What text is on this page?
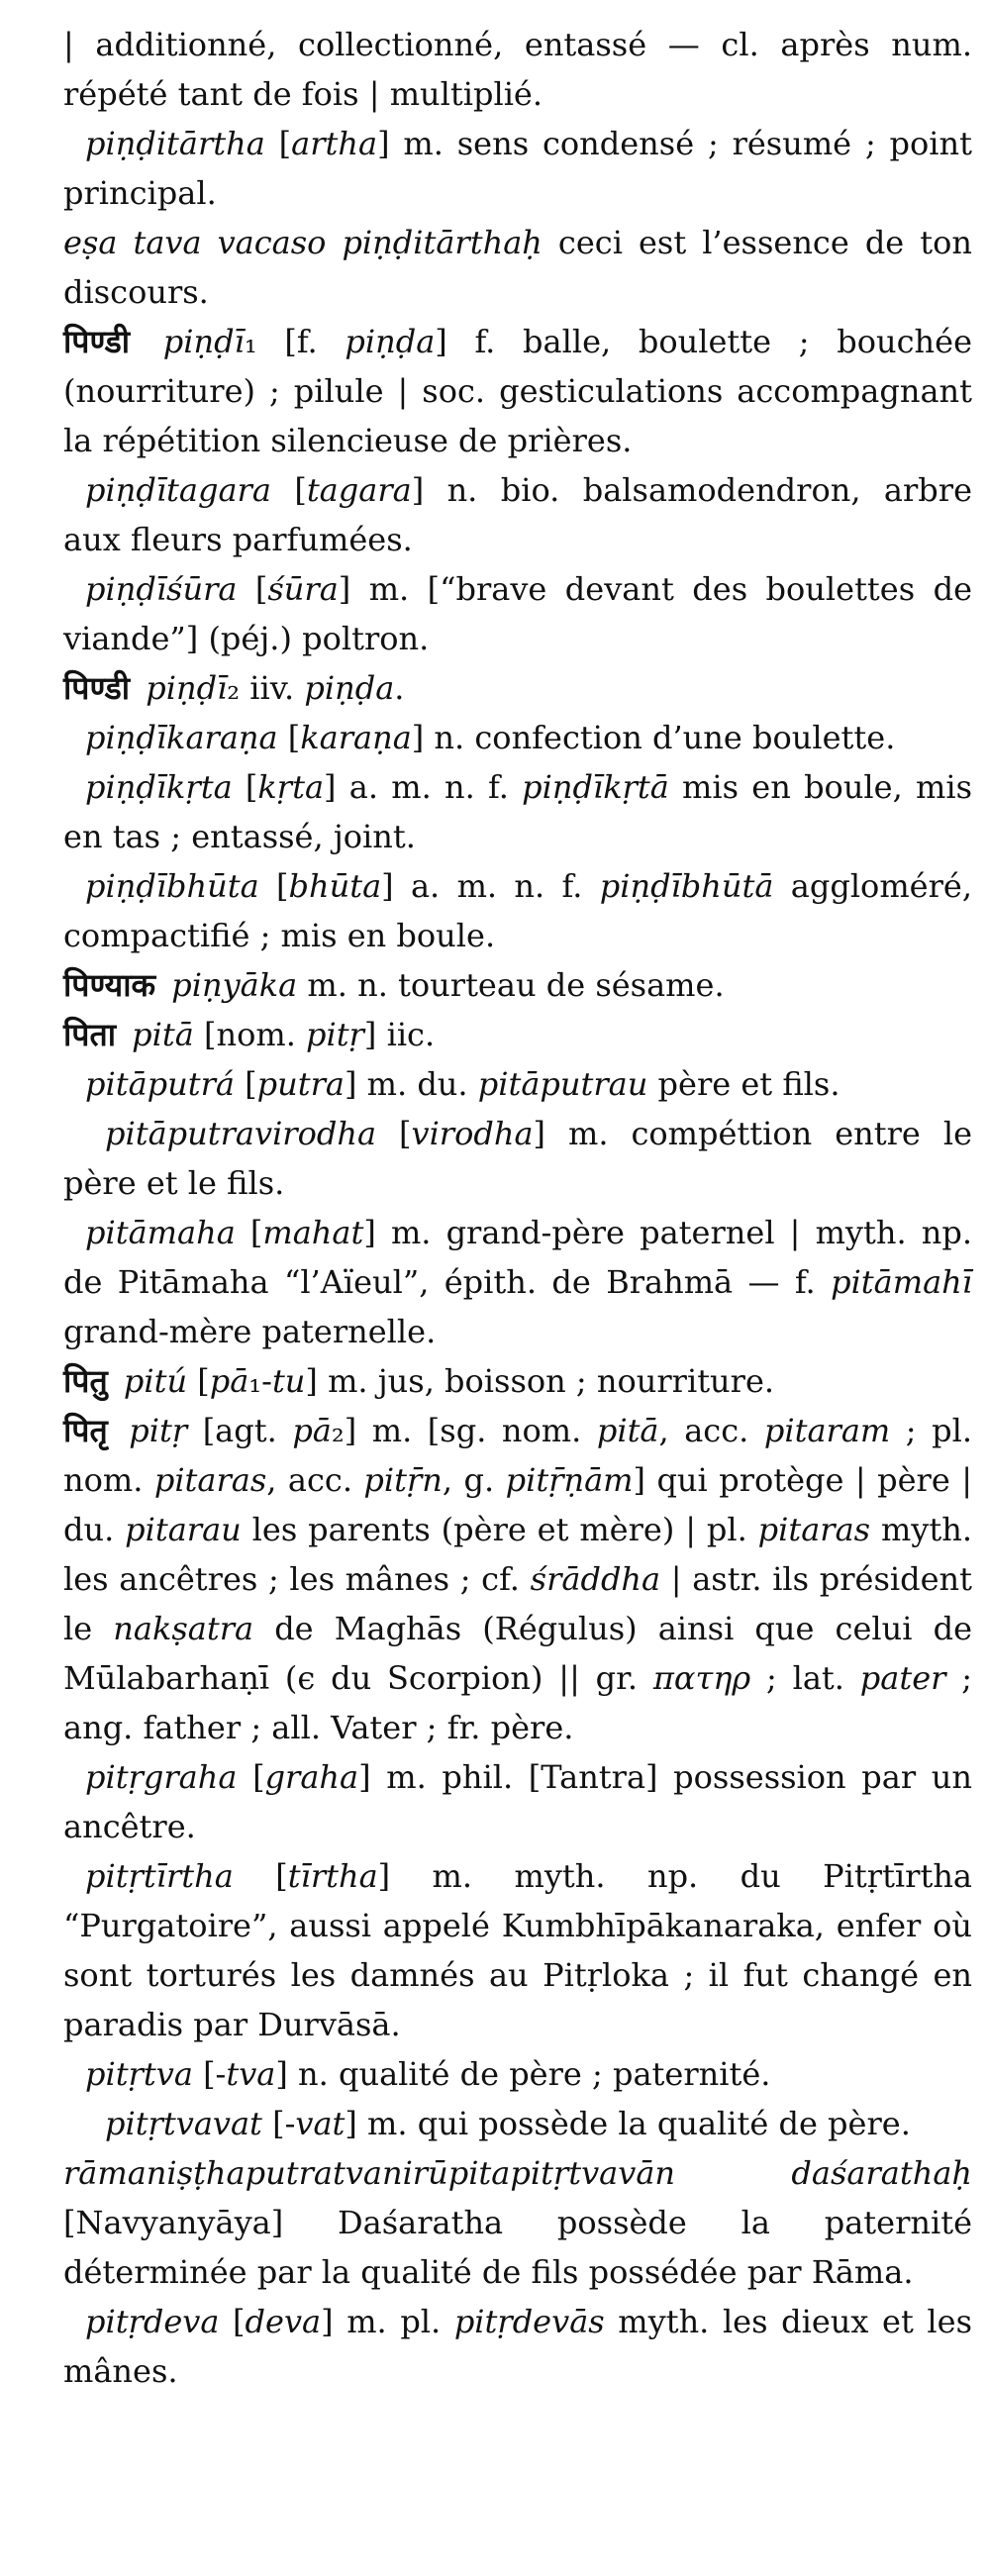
| additionné, collectionné, entassé — cl. après num. répété tant de fois | multiplié.

piṇḍitārtha [artha] m. sens condensé ; résumé ; point principal.

eṣa tava vacaso piṇḍitārthaḥ ceci est l’essence de ton discours.

पिण्डी piṇḍī₁ [f. piṇḍa] f. balle, boulette ; bouchée (nourriture) ; pilule | soc. gesticulations accompagnant la répétition silencieuse de prières.

piṇḍītagara [tagara] n. bio. balsamodendron, arbre aux fleurs parfumées.

piṇḍīśūra [śūra] m. [“brave devant des boulettes de viande”] (péj.) poltron.

पिण्डी piṇḍī₂ iiv. piṇḍa.

piṇḍīkaraṇa [karaṇa] n. confection d’une boulette.

piṇḍīkṛta [kṛta] a. m. n. f. piṇḍīkṛtā mis en boule, mis en tas ; entassé, joint.

piṇḍībhūta [bhūta] a. m. n. f. piṇḍībhūtā aggloméré, compactifié ; mis en boule.

पिण्याक piṇyāka m. n. tourteau de sésame.

पिता pitā [nom. pitṛ] iic.

pitāputrá [putra] m. du. pitāputrau père et fils.

pitāputravirodha [virodha] m. compéttion entre le père et le fils.

pitāmaha [mahat] m. grand-père paternel | myth. np. de Pitāmaha “l’Aïeul”, épith. de Brahmā — f. pitāmahī grand-mère paternelle.

पितु pitú [pā₁-tu] m. jus, boisson ; nourriture.

पितृ pitṛ [agt. pā₂] m. [sg. nom. pitā, acc. pitaram ; pl. nom. pitaras, acc. pitṝn, g. pitṝṇām] qui protège | père | du. pitarau les parents (père et mère) | pl. pitaras myth. les ancêtres ; les mânes ; cf. śrāddha | astr. ils président le nakṣatra de Maghās (Régulus) ainsi que celui de Mūlabarhaṇī (ϵ du Scorpion) || gr. πατηρ ; lat. pater ; ang. father ; all. Vater ; fr. père.

pitṛgraha [graha] m. phil. [Tantra] possession par un ancêtre.

pitṛtīrtha [tīrtha] m. myth. np. du Pitṛtīrtha “Purgatoire”, aussi appelé Kumbhīpākanaraka, enfer où sont torturés les damnés au Pitṛloka ; il fut changé en paradis par Durvāsā.

pitṛtva [-tva] n. qualité de père ; paternité.

pitṛtvavat [-vat] m. qui possède la qualité de père.

rāmaniṣṭhaputratvanirūpitapitṛtvavān daśarathaḥ [Navyanyāya] Daśaratha possède la paternité déterminée par la qualité de fils possédée par Rāma.

pitṛdeva [deva] m. pl. pitṛdevās myth. les dieux et les mânes.
